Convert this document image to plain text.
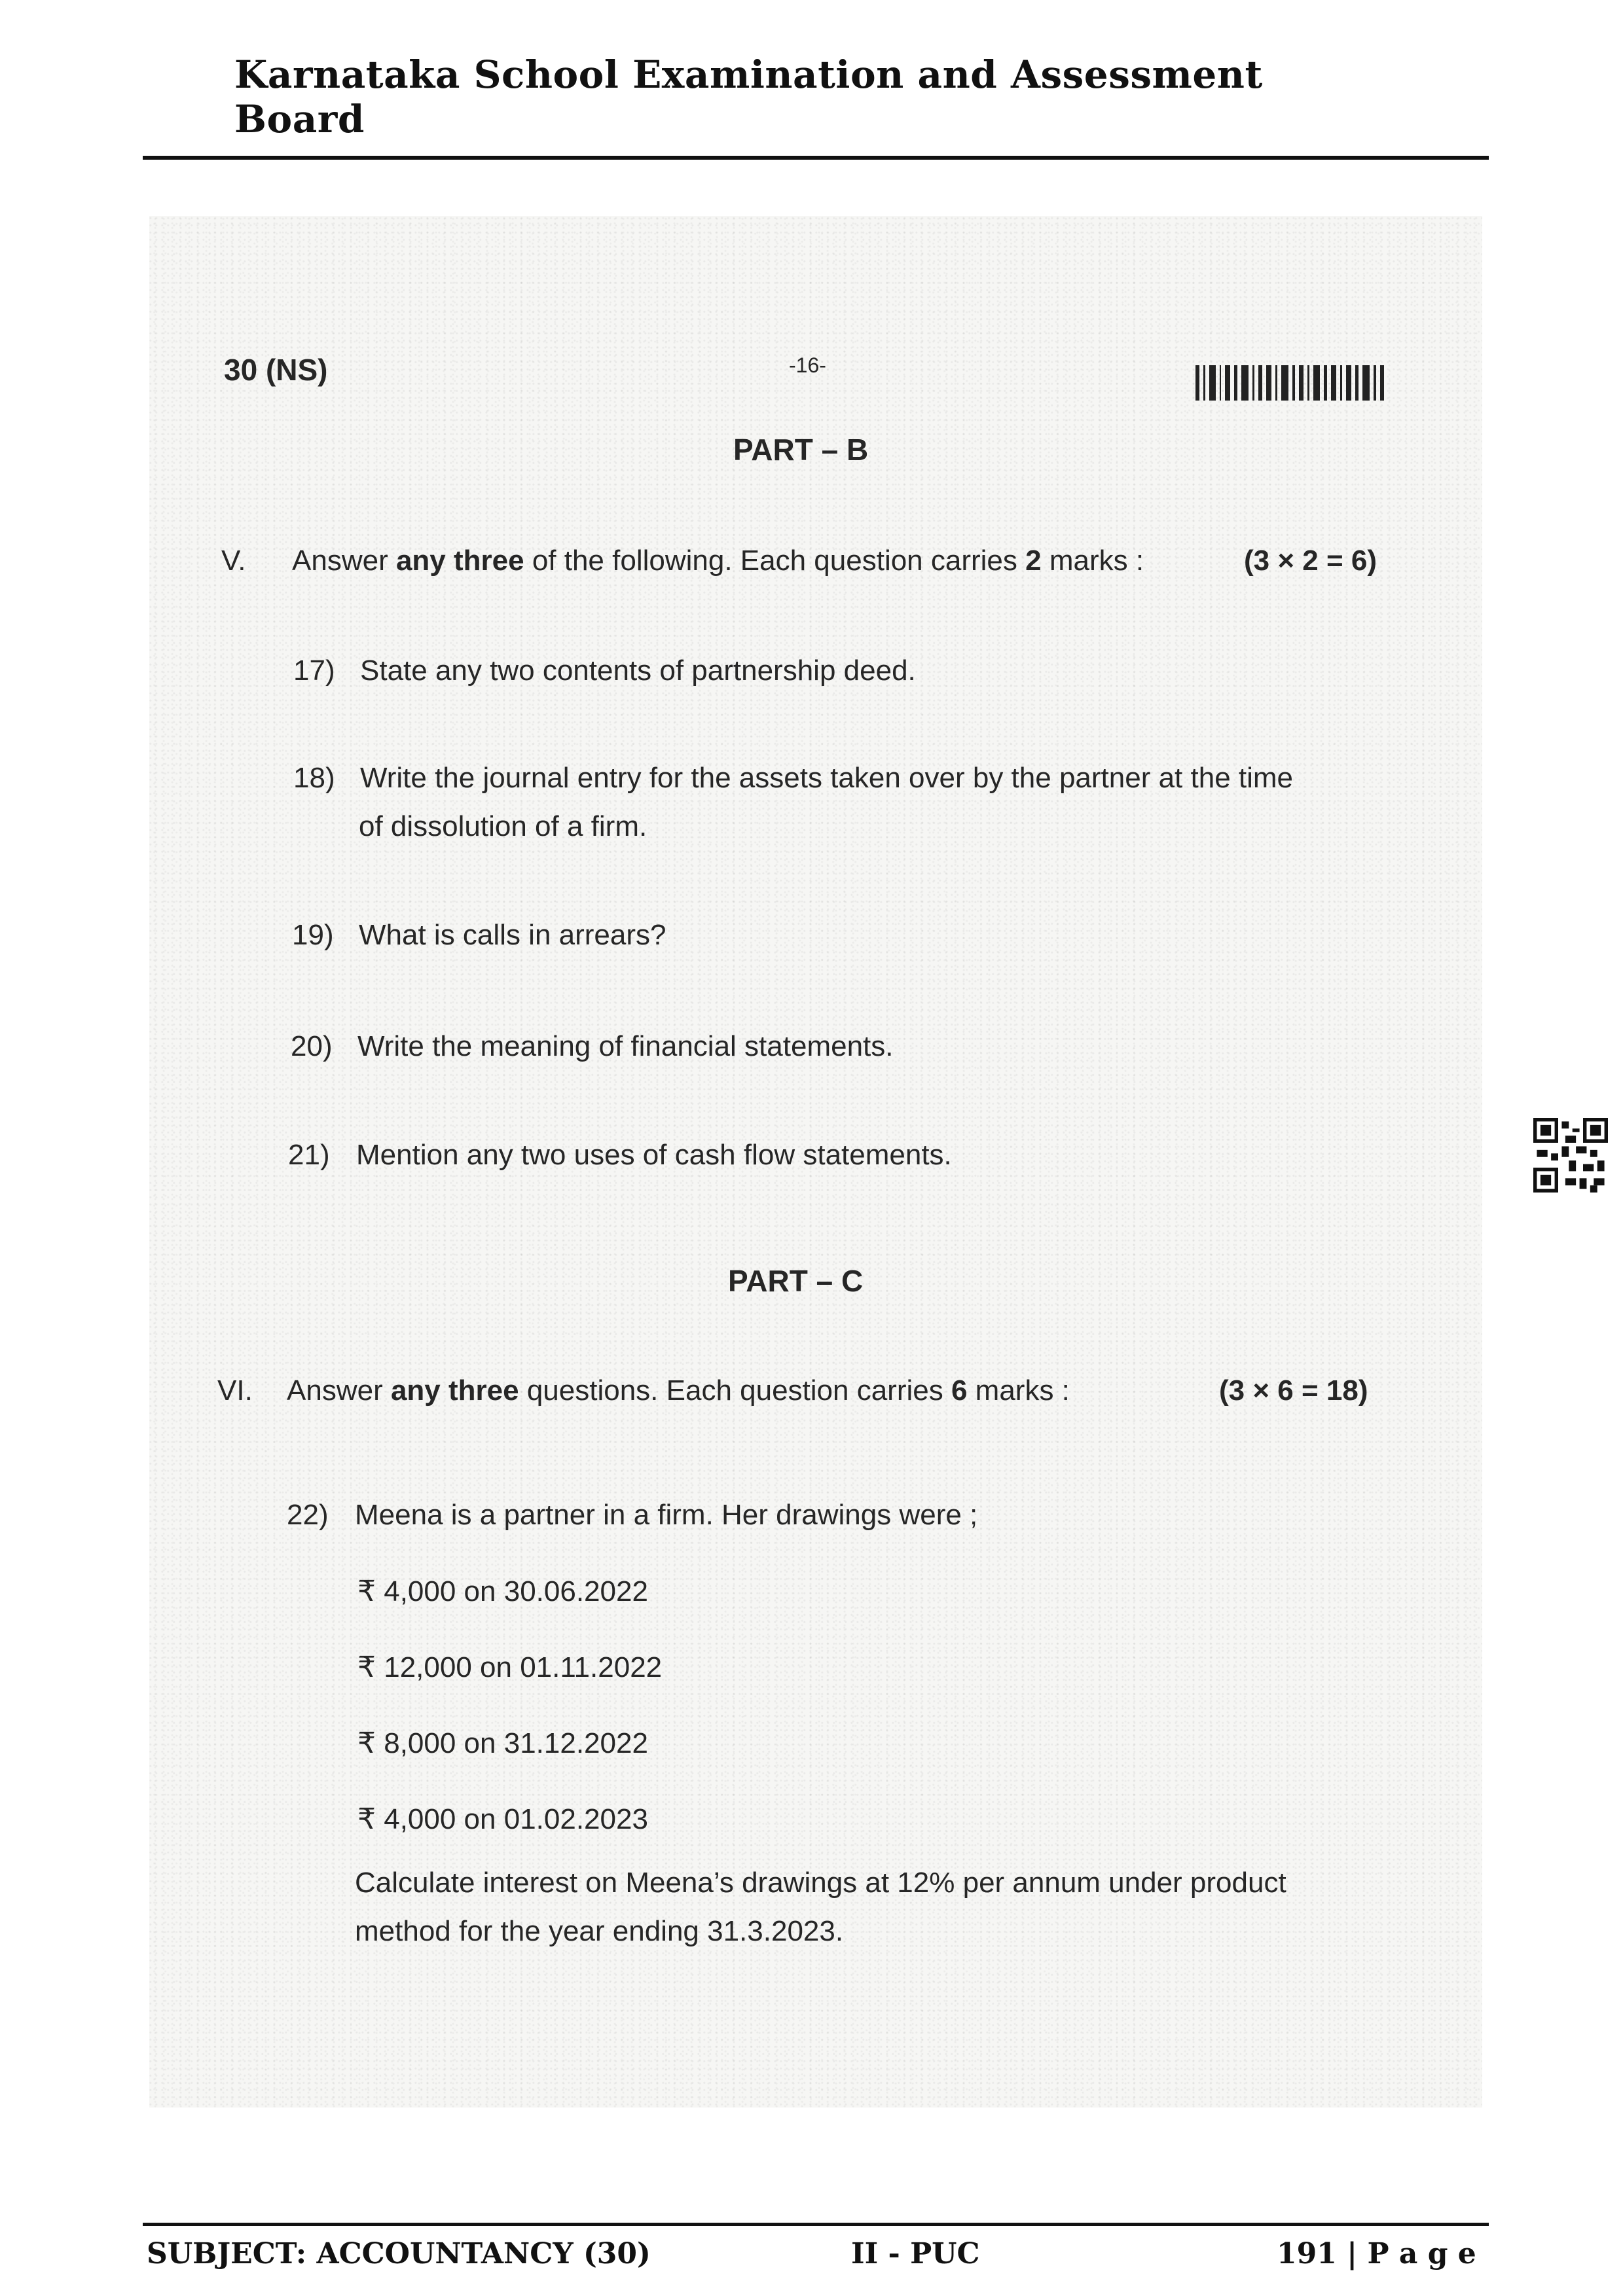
Karnataka School Examination and Assessment Board
30 (NS)	-16-
PART – B
V. Answer any three of the following. Each question carries 2 marks :	(3 × 2 = 6)
17) State any two contents of partnership deed.
18) Write the journal entry for the assets taken over by the partner at the time
of dissolution of a firm.
19) What is calls in arrears?
20) Write the meaning of financial statements.
21) Mention any two uses of cash flow statements.
PART – C
VI. Answer any three questions. Each question carries 6 marks :	(3 × 6 = 18)
22) Meena is a partner in a firm. Her drawings were ;
₹ 4,000 on 30.06.2022
₹ 12,000 on 01.11.2022
₹ 8,000 on 31.12.2022
₹ 4,000 on 01.02.2023
Calculate interest on Meena’s drawings at 12% per annum under product
method for the year ending 31.3.2023.
SUBJECT: ACCOUNTANCY (30)	II - PUC	191 | P a g e
